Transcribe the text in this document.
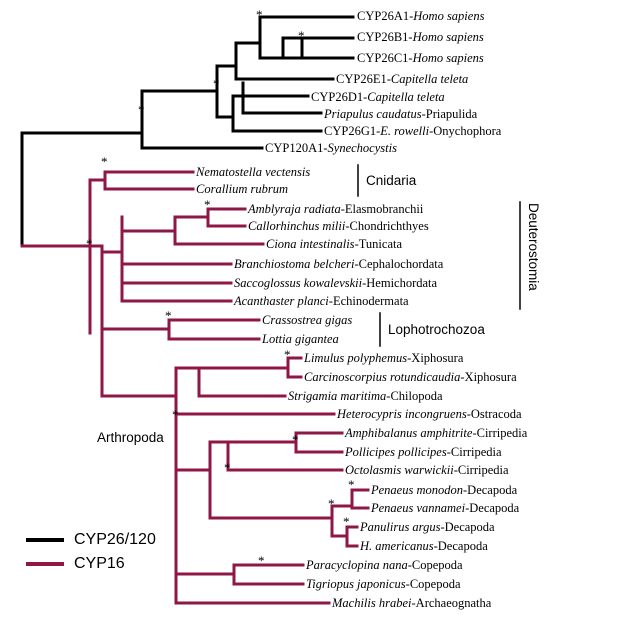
CYP26A1-Homo sapiens
CYP26B1-Homo sapiens
CYP26C1-Homo sapiens
CYP26E1-Capitella teleta
CYP26D1-Capitella teleta
Priapulus caudatus-Priapulida
CYP26G1-E. rowelli-Onychophora
CYP120A1-Synechocystis
Nematostella vectensis
Corallium rubrum
Amblyraja radiata-Elasmobranchii
Callorhinchus milii-Chondrichthyes
Ciona intestinalis-Tunicata
Branchiostoma belcheri-Cephalochordata
Saccoglossus kowalevskii-Hemichordata
Acanthaster planci-Echinodermata
Crassostrea gigas
Lottia gigantea
Limulus polyphemus-Xiphosura
Carcinoscorpius rotundicaudia-Xiphosura
Strigamia maritima-Chilopoda
Heterocypris incongruens-Ostracoda
Amphibalanus amphitrite-Cirripedia
Pollicipes pollicipes-Cirripedia
Octolasmis warwickii-Cirripedia
Penaeus monodon-Decapoda
Penaeus vannamei-Decapoda
Panulirus argus-Decapoda
H. americanus-Decapoda
Paracyclopina nana-Copepoda
Tigriopus japonicus-Copepoda
Machilis hrabei-Archaeognatha
*
*
*
*
*
*
*
*
*
*
*
*
*
*
*
*
Cnidaria
Deuterostomia
Lophotrochozoa
Arthropoda
CYP26/120
CYP16
